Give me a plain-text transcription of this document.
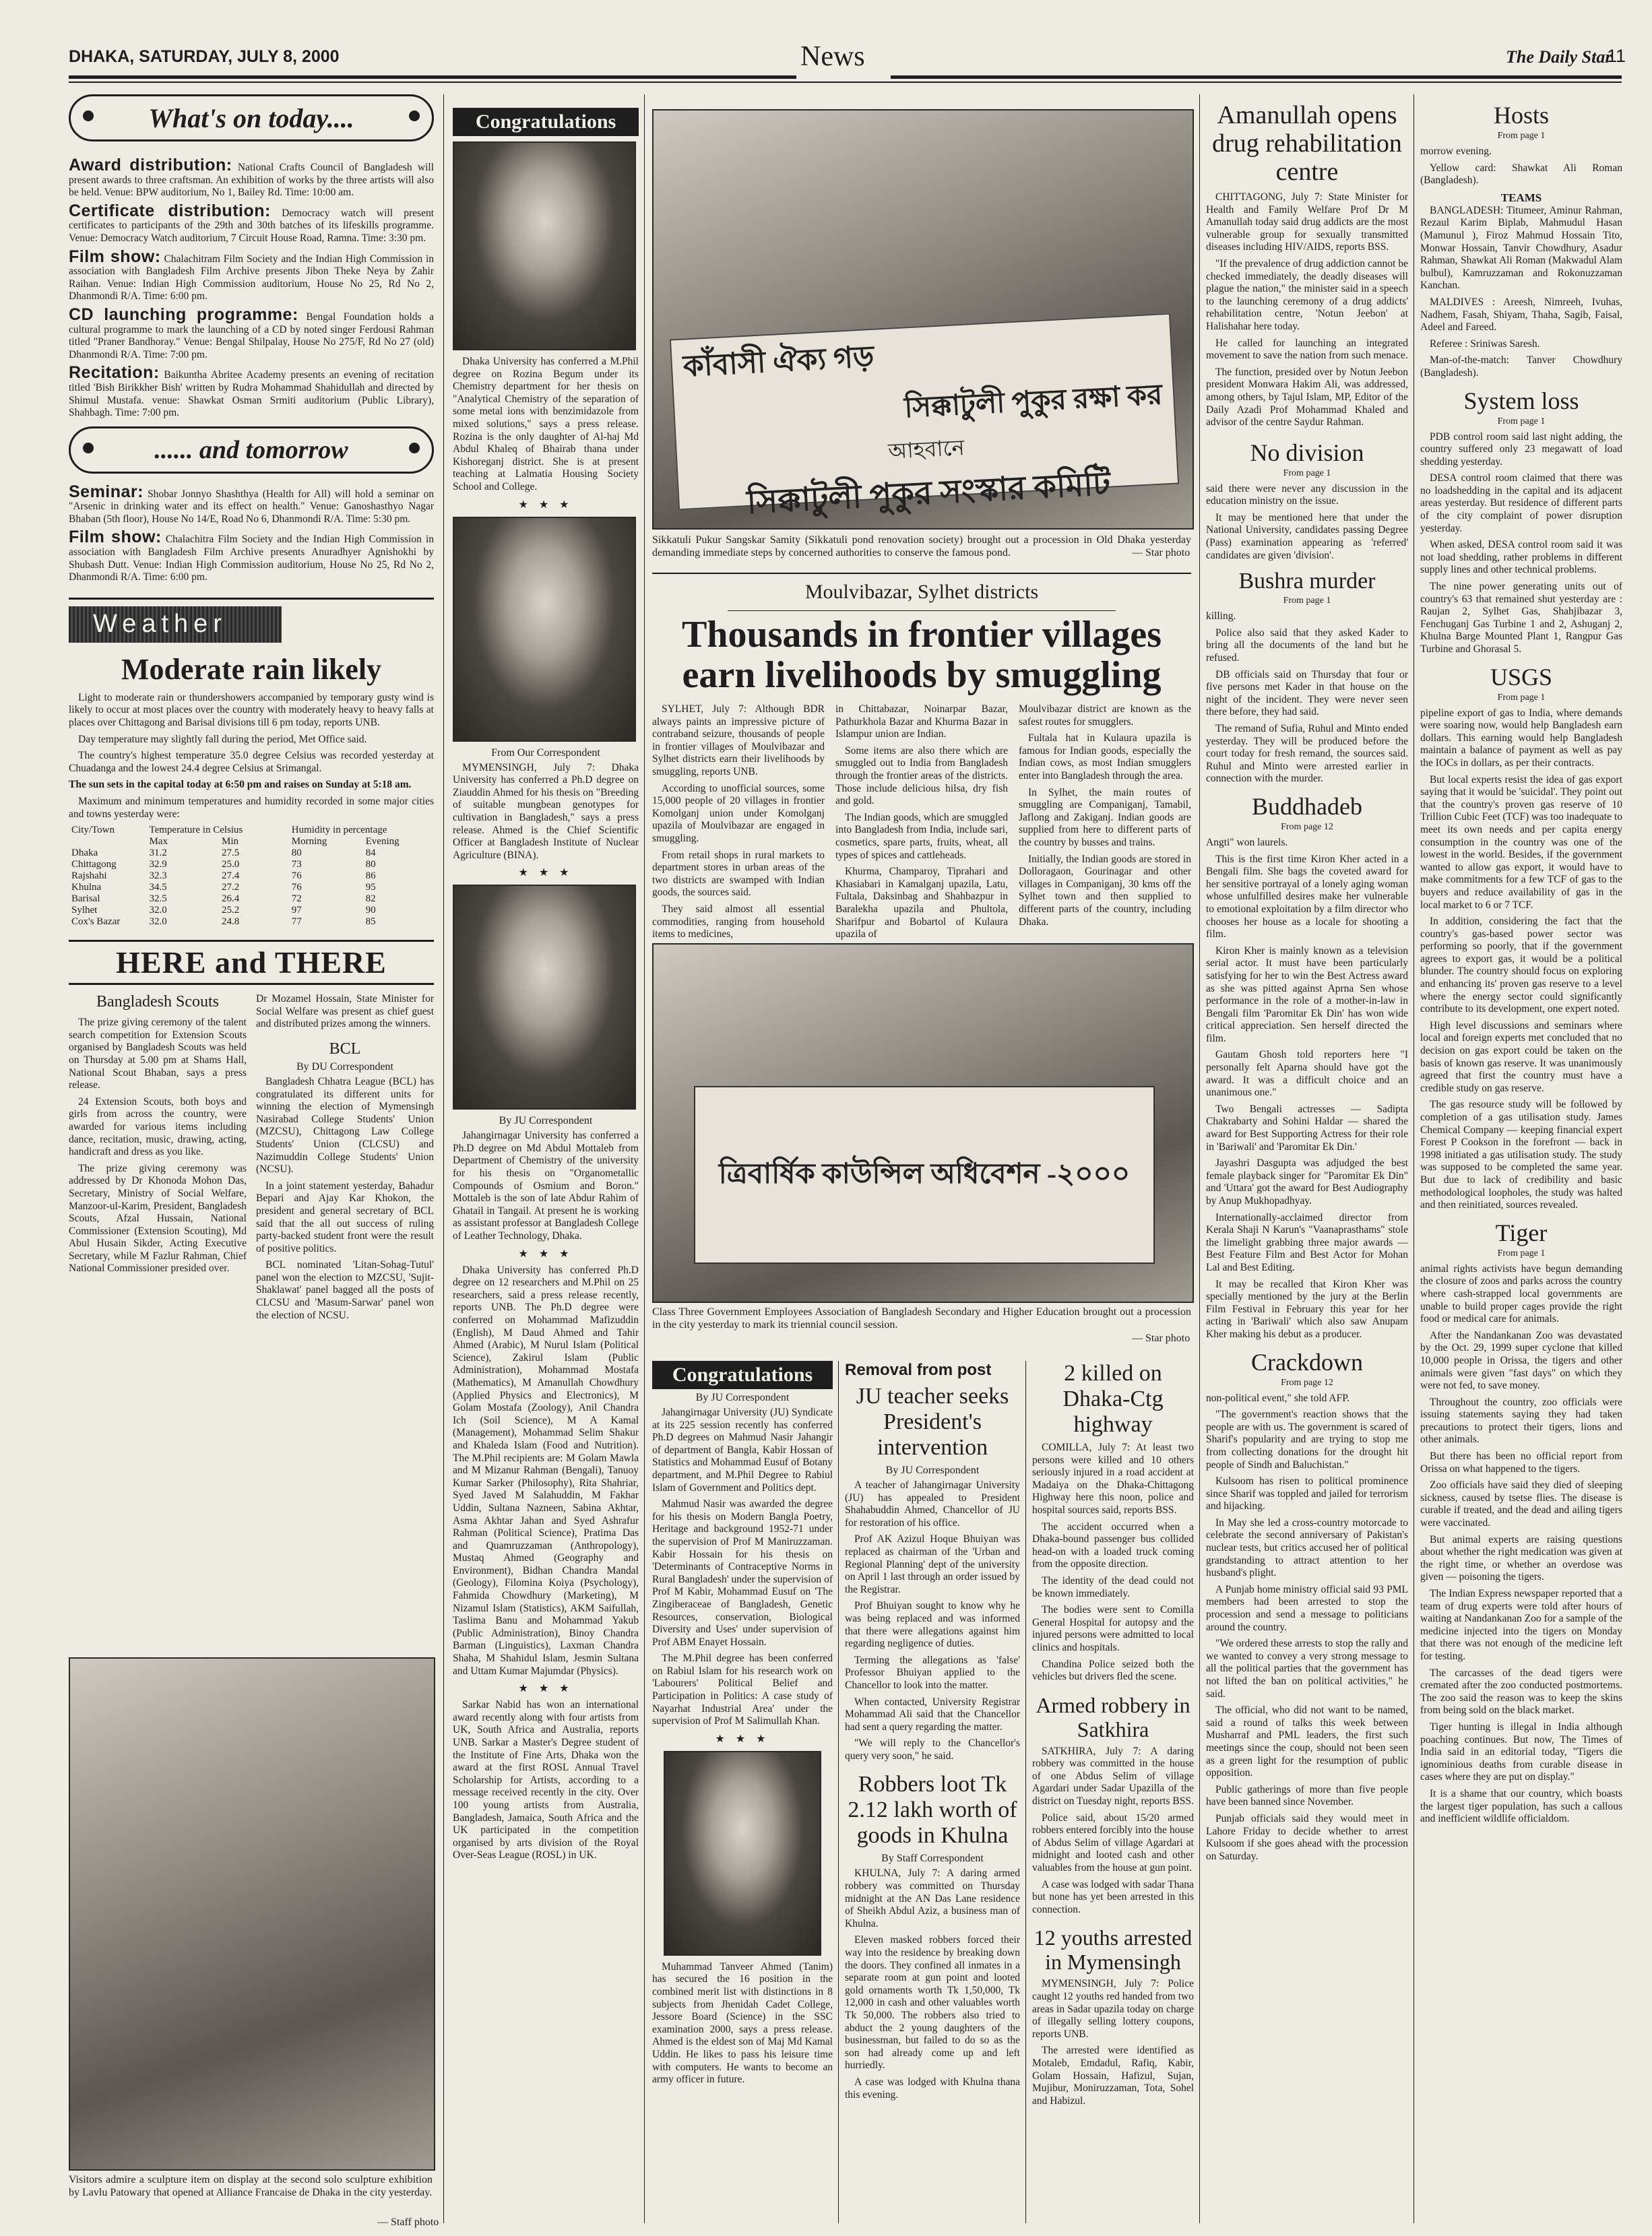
DHAKA, SATURDAY, JULY 8, 2000	News	The Daily Star
11
What's on today....

Award distribution: National Crafts Council of Bangladesh will present awards to three craftsman. An exhibition of works by the three artists will also be held. Venue: BPW auditorium, No 1, Bailey Rd. Time: 10:00 am.

Certificate distribution: Democracy watch will present certificates to participants of the 29th and 30th batches of its lifeskills programme. Venue: Democracy Watch auditorium, 7 Circuit House Road, Ramna. Time: 3:30 pm.

Film show: Chalachitram Film Society and the Indian High Commission in association with Bangladesh Film Archive presents Jibon Theke Neya by Zahir Raihan. Venue: Indian High Commission auditorium, House No 25, Rd No 2, Dhanmondi R/A. Time: 6:00 pm.

CD launching programme: Bengal Foundation holds a cultural programme to mark the launching of a CD by noted singer Ferdousi Rahman titled "Praner Bandhoray." Venue: Bengal Shilpalay, House No 275/F, Rd No 27 (old) Dhanmondi R/A. Time: 7:00 pm.

Recitation: Baikuntha Abritee Academy presents an evening of recitation titled 'Bish Birikkher Bish' written by Rudra Mohammad Shahidullah and directed by Shimul Mustafa. venue: Shawkat Osman Srmiti auditorium (Public Library), Shahbagh. Time: 7:00 pm.

...... and tomorrow

Seminar: Shobar Jonnyo Shashthya (Health for All) will hold a seminar on "Arsenic in drinking water and its effect on health." Venue: Ganoshasthyo Nagar Bhaban (5th floor), House No 14/E, Road No 6, Dhanmondi R/A. Time: 5:30 pm.

Film show: Chalachitra Film Society and the Indian High Commission in association with Bangladesh Film Archive presents Anuradhyer Agnishokhi by Shubash Dutt. Venue: Indian High Commission auditorium, House No 25, Rd No 2, Dhanmondi R/A. Time: 6:00 pm.

Weather
Moderate rain likely

Light to moderate rain or thundershowers accompanied by temporary gusty wind is likely to occur at most places over the country with moderately heavy to heavy falls at places over Chittagong and Barisal divisions till 6 pm today, reports UNB.

Day temperature may slightly fall during the period, Met Office said.

The country's highest temperature 35.0 degree Celsius was recorded yesterday at Chuadanga and the lowest 24.4 degree Celsius at Srimangal.

The sun sets in the capital today at 6:50 pm and raises on Sunday at 5:18 am.

Maximum and minimum temperatures and humidity recorded in some major cities and towns yesterday were:

City/Town	Temperature in Celsius		Humidity in percentage	
	Max	Min	Morning	Evening
Dhaka	31.2	27.5	80	84
Chittagong	32.9	25.0	73	80
Rajshahi	32.3	27.4	76	86
Khulna	34.5	27.2	76	95
Barisal	32.5	26.4	72	82
Sylhet	32.0	25.2	97	90
Cox's Bazar	32.0	24.8	77	85
HERE and THERE
Bangladesh Scouts

The prize giving ceremony of the talent search competition for Extension Scouts organised by Bangladesh Scouts was held on Thursday at 5.00 pm at Shams Hall, National Scout Bhaban, says a press release.

24 Extension Scouts, both boys and girls from across the country, were awarded for various items including dance, recitation, music, drawing, acting, handicraft and dress as you like.

The prize giving ceremony was addressed by Dr Khonoda Mohon Das, Secretary, Ministry of Social Welfare, Manzoor-ul-Karim, President, Bangladesh Scouts, Afzal Hussain, National Commissioner (Extension Scouting), Md Abul Husain Sikder, Acting Executive Secretary, while M Fazlur Rahman, Chief National Commissioner presided over.

Dr Mozamel Hossain, State Minister for Social Welfare was present as chief guest and distributed prizes among the winners.

BCL

By DU Correspondent

Bangladesh Chhatra League (BCL) has congratulated its different units for winning the election of Mymensingh Nasirabad College Students' Union (MZCSU), Chittagong Law College Students' Union (CLCSU) and Nazimuddin College Students' Union (NCSU).

In a joint statement yesterday, Bahadur Bepari and Ajay Kar Khokon, the president and general secretary of BCL said that the all out success of ruling party-backed student front were the result of positive politics.

BCL nominated 'Litan-Sohag-Tutul' panel won the election to MZCSU, 'Sujit-Shaklawat' panel bagged all the posts of CLCSU and 'Masum-Sarwar' panel won the election of NCSU.

Visitors admire a sculpture item on display at the second solo sculpture exhibition by Lavlu Patowary that opened at Alliance Francaise de Dhaka in the city yesterday.

— Staff photo
Congratulations

Dhaka University has conferred a M.Phil degree on Rozina Begum under its Chemistry department for her thesis on "Analytical Chemistry of the separation of some metal ions with benzimidazole from mixed solutions," says a press release. Rozina is the only daughter of Al-haj Md Abdul Khaleq of Bhairab thana under Kishoreganj district. She is at present teaching at Lalmatia Housing Society School and College.

★ ★ ★

From Our Correspondent

MYMENSINGH, July 7: Dhaka University has conferred a Ph.D degree on Ziauddin Ahmed for his thesis on "Breeding of suitable mungbean genotypes for cultivation in Bangladesh," says a press release. Ahmed is the Chief Scientific Officer at Bangladesh Institute of Nuclear Agriculture (BINA).

★ ★ ★

By JU Correspondent

Jahangirnagar University has conferred a Ph.D degree on Md Abdul Mottaleb from Department of Chemistry of the university for his thesis on "Organometallic Compounds of Osmium and Boron." Mottaleb is the son of late Abdur Rahim of Ghatail in Tangail. At present he is working as assistant professor at Bangladesh College of Leather Technology, Dhaka.

★ ★ ★

Dhaka University has conferred Ph.D degree on 12 researchers and M.Phil on 25 researchers, said a press release recently, reports UNB. The Ph.D degree were conferred on Mohammad Mafizuddin (English), M Daud Ahmed and Tahir Ahmed (Arabic), M Nurul Islam (Political Science), Zakirul Islam (Public Administration), Mohammad Mostafa (Mathematics), M Amanullah Chowdhury (Applied Physics and Electronics), M Golam Mostafa (Zoology), Anil Chandra Ich (Soil Science), M A Kamal (Management), Mohammad Selim Shakur and Khaleda Islam (Food and Nutrition). The M.Phil recipients are: M Golam Mawla and M Mizanur Rahman (Bengali), Tanuoy Kumar Sarker (Philosophy), Rita Shahriar, Syed Javed M Salahuddin, M Fakhar Uddin, Sultana Nazneen, Sabina Akhtar, Asma Akhtar Jahan and Syed Ashrafur Rahman (Political Science), Pratima Das and Quamruzzaman (Anthropology), Mustaq Ahmed (Geography and Environment), Bidhan Chandra Mandal (Geology), Filomina Koiya (Psychology), Fahmida Chowdhury (Marketing), M Nizamul Islam (Statistics), AKM Saifullah, Taslima Banu and Mohammad Yakub (Public Administration), Binoy Chandra Barman (Linguistics), Laxman Chandra Shaha, M Shahidul Islam, Jesmin Sultana and Uttam Kumar Majumdar (Physics).

★ ★ ★

Sarkar Nabid has won an international award recently along with four artists from UK, South Africa and Australia, reports UNB. Sarkar a Master's Degree student of the Institute of Fine Arts, Dhaka won the award at the first ROSL Annual Travel Scholarship for Artists, according to a message received recently in the city. Over 100 young artists from Australia, Bangladesh, Jamaica, South Africa and the UK participated in the competition organised by arts division of the Royal Over-Seas League (ROSL) in UK.

কাঁবাসী ঐক্য গড়
সিক্কাটুলী পুকুর রক্ষা কর
আহবানে
সিক্কাটুলী পুকুর সংস্কার কমিটি

Sikkatuli Pukur Sangskar Samity (Sikkatuli pond renovation society) brought out a procession in Old Dhaka yesterday demanding immediate steps by concerned authorities to conserve the famous pond.	— Star photo
Moulvibazar, Sylhet districts
Thousands in frontier villages earn livelihoods by smuggling

SYLHET, July 7: Although BDR always paints an impressive picture of contraband seizure, thousands of people in frontier villages of Moulvibazar and Sylhet districts earn their livelihoods by smuggling, reports UNB.

According to unofficial sources, some 15,000 people of 20 villages in frontier Komolganj union under Komolganj upazila of Moulvibazar are engaged in smuggling.

From retail shops in rural markets to department stores in urban areas of the two districts are swamped with Indian goods, the sources said.

They said almost all essential commodities, ranging from household items to medicines,

in Chittabazar, Noinarpar Bazar, Pathurkhola Bazar and Khurma Bazar in Islampur union are Indian.

Some items are also there which are smuggled out to India from Bangladesh through the frontier areas of the districts. Those include delicious hilsa, dry fish and gold.

The Indian goods, which are smuggled into Bangladesh from India, include sari, cosmetics, spare parts, fruits, wheat, all types of spices and cattleheads.

Khurma, Champaroy, Tiprahari and Khasiabari in Kamalganj upazila, Latu, Fultala, Daksinbag and Shahbazpur in Baralekha upazila and Phultola, Sharifpur and Bobartol of Kulaura upazila of

Moulvibazar district are known as the safest routes for smugglers.

Fultala hat in Kulaura upazila is famous for Indian goods, especially the Indian cows, as most Indian smugglers enter into Bangladesh through the area.

In Sylhet, the main routes of smuggling are Companiganj, Tamabil, Jaflong and Zakiganj. Indian goods are supplied from here to different parts of the country by busses and trains.

Initially, the Indian goods are stored in Dolloragaon, Gourinagar and other villages in Companiganj, 30 kms off the Sylhet town and then supplied to different parts of the country, including Dhaka.

ত্রিবার্ষিক কাউন্সিল অধিবেশন -২০০০

Class Three Government Employees Association of Bangladesh Secondary and Higher Education brought out a procession in the city yesterday to mark its triennial council session.

— Star photo
Congratulations

By JU Correspondent

Jahangirnagar University (JU) Syndicate at its 225 session recently has conferred Ph.D degrees on Mahmud Nasir Jahangir of department of Bangla, Kabir Hossan of Statistics and Mohammad Eusuf of Botany department, and M.Phil Degree to Rabiul Islam of Government and Politics dept.

Mahmud Nasir was awarded the degree for his thesis on Modern Bangla Poetry, Heritage and background 1952-71 under the supervision of Prof M Maniruzzaman. Kabir Hossain for his thesis on 'Determinants of Contraceptive Norms in Rural Bangladesh' under the supervision of Prof M Kabir, Mohammad Eusuf on 'The Zingiberaceae of Bangladesh, Genetic Resources, conservation, Biological Diversity and Uses' under supervision of Prof ABM Enayet Hossain.

The M.Phil degree has been conferred on Rabiul Islam for his research work on 'Labourers' Political Belief and Participation in Politics: A case study of Nayarhat Industrial Area' under the supervision of Prof M Salimullah Khan.

★ ★ ★

Muhammad Tanveer Ahmed (Tanim) has secured the 16 position in the combined merit list with distinctions in 8 subjects from Jhenidah Cadet College, Jessore Board (Science) in the SSC examination 2000, says a press release. Ahmed is the eldest son of Maj Md Kamal Uddin. He likes to pass his leisure time with computers. He wants to become an army officer in future.

Removal from post
JU teacher seeks President's intervention

By JU Correspondent

A teacher of Jahangirnagar University (JU) has appealed to President Shahabuddin Ahmed, Chancellor of JU for restoration of his office.

Prof AK Azizul Hoque Bhuiyan was replaced as chairman of the 'Urban and Regional Planning' dept of the university on April 1 last through an order issued by the Registrar.

Prof Bhuiyan sought to know why he was being replaced and was informed that there were allegations against him regarding negligence of duties.

Terming the allegations as 'false' Professor Bhuiyan applied to the Chancellor to look into the matter.

When contacted, University Registrar Mohammad Ali said that the Chancellor had sent a query regarding the matter.

"We will reply to the Chancellor's query very soon," he said.

Robbers loot Tk 2.12 lakh worth of goods in Khulna

By Staff Correspondent

KHULNA, July 7: A daring armed robbery was committed on Thursday midnight at the AN Das Lane residence of Sheikh Abdul Aziz, a business man of Khulna.

Eleven masked robbers forced their way into the residence by breaking down the doors. They confined all inmates in a separate room at gun point and looted gold ornaments worth Tk 1,50,000, Tk 12,000 in cash and other valuables worth Tk 50,000. The robbers also tried to abduct the 2 young daughters of the businessman, but failed to do so as the son had already come up and left hurriedly.

A case was lodged with Khulna thana this evening.

2 killed on Dhaka-Ctg highway

COMILLA, July 7: At least two persons were killed and 10 others seriously injured in a road accident at Madaiya on the Dhaka-Chittagong Highway here this noon, police and hospital sources said, reports BSS.

The accident occurred when a Dhaka-bound passenger bus collided head-on with a loaded truck coming from the opposite direction.

The identity of the dead could not be known immediately.

The bodies were sent to Comilla General Hospital for autopsy and the injured persons were admitted to local clinics and hospitals.

Chandina Police seized both the vehicles but drivers fled the scene.

Armed robbery in Satkhira

SATKHIRA, July 7: A daring robbery was committed in the house of one Abdus Selim of village Agardari under Sadar Upazilla of the district on Tuesday night, reports BSS.

Police said, about 15/20 armed robbers entered forcibly into the house of Abdus Selim of village Agardari at midnight and looted cash and other valuables from the house at gun point.

A case was lodged with sadar Thana but none has yet been arrested in this connection.

12 youths arrested in Mymensingh

MYMENSINGH, July 7: Police caught 12 youths red handed from two areas in Sadar upazila today on charge of illegally selling lottery coupons, reports UNB.

The arrested were identified as Motaleb, Emdadul, Rafiq, Kabir, Golam Hossain, Hafizul, Sujan, Mujibur, Moniruzzaman, Tota, Sohel and Habizul.

Amanullah opens drug rehabilitation centre

CHITTAGONG, July 7: State Minister for Health and Family Welfare Prof Dr M Amanullah today said drug addicts are the most vulnerable group for sexually transmitted diseases including HIV/AIDS, reports BSS.

"If the prevalence of drug addiction cannot be checked immediately, the deadly diseases will plague the nation," the minister said in a speech to the launching ceremony of a drug addicts' rehabilitation centre, 'Notun Jeebon' at Halishahar here today.

He called for launching an integrated movement to save the nation from such menace.

The function, presided over by Notun Jeebon president Monwara Hakim Ali, was addressed, among others, by Tajul Islam, MP, Editor of the Daily Azadi Prof Mohammad Khaled and advisor of the centre Saydur Rahman.

No division

From page 1

said there were never any discussion in the education ministry on the issue.

It may be mentioned here that under the National University, candidates passing Degree (Pass) examination appearing as 'referred' candidates are given 'division'.

Bushra murder

From page 1

killing.

Police also said that they asked Kader to bring all the documents of the land but he refused.

DB officials said on Thursday that four or five persons met Kader in that house on the night of the incident. They were never seen there before, they had said.

The remand of Sufia, Ruhul and Minto ended yesterday. They will be produced before the court today for fresh remand, the sources said. Ruhul and Minto were arrested earlier in connection with the murder.

Buddhadeb

From page 12

Angti" won laurels.

This is the first time Kiron Kher acted in a Bengali film. She bags the coveted award for her sensitive portrayal of a lonely aging woman whose unfulfilled desires make her vulnerable to emotional exploitation by a film director who chooses her house as a locale for shooting a film.

Kiron Kher is mainly known as a television serial actor. It must have been particularly satisfying for her to win the Best Actress award as she was pitted against Aprna Sen whose performance in the role of a mother-in-law in Bengali film 'Paromitar Ek Din' has won wide critical appreciation. Sen herself directed the film.

Gautam Ghosh told reporters here "I personally felt Aparna should have got the award. It was a difficult choice and an unanimous one."

Two Bengali actresses — Sadipta Chakrabarty and Sohini Haldar — shared the award for Best Supporting Actress for their role in 'Bariwali' and 'Paromitar Ek Din.'

Jayashri Dasgupta was adjudged the best female playback singer for "Paromitar Ek Din" and 'Uttara' got the award for Best Audiography by Anup Mukhopadhyay.

Internationally-acclaimed director from Kerala Shaji N Karun's "Vaanaprasthams" stole the limelight grabbing three major awards — Best Feature Film and Best Actor for Mohan Lal and Best Editing.

It may be recalled that Kiron Kher was specially mentioned by the jury at the Berlin Film Festival in February this year for her acting in 'Bariwali' which also saw Anupam Kher making his debut as a producer.

Crackdown

From page 12

non-political event," she told AFP.

"The government's reaction shows that the people are with us. The government is scared of Sharif's popularity and are trying to stop me from collecting donations for the drought hit people of Sindh and Baluchistan."

Kulsoom has risen to political prominence since Sharif was toppled and jailed for terrorism and hijacking.

In May she led a cross-country motorcade to celebrate the second anniversary of Pakistan's nuclear tests, but critics accused her of political grandstanding to attract attention to her husband's plight.

A Punjab home ministry official said 93 PML members had been arrested to stop the procession and send a message to politicians around the country.

"We ordered these arrests to stop the rally and we wanted to convey a very strong message to all the political parties that the government has not lifted the ban on political activities," he said.

The official, who did not want to be named, said a round of talks this week between Musharraf and PML leaders, the first such meetings since the coup, should not been seen as a green light for the resumption of public opposition.

Public gatherings of more than five people have been banned since November.

Punjab officials said they would meet in Lahore Friday to decide whether to arrest Kulsoom if she goes ahead with the procession on Saturday.

Hosts

From page 1

morrow evening.

Yellow card: Shawkat Ali Roman (Bangladesh).

TEAMS

BANGLADESH: Titumeer, Aminur Rahman, Rezaul Karim Biplab, Mahmudul Hasan (Mamunul ), Firoz Mahmud Hossain Tito, Monwar Hossain, Tanvir Chowdhury, Asadur Rahman, Shawkat Ali Roman (Makwadul Alam bulbul), Kamruzzaman and Rokonuzzaman Kanchan.

MALDIVES : Areesh, Nimreeh, Ivuhas, Nadhem, Fasah, Shiyam, Thaha, Sagib, Faisal, Adeel and Fareed.

Referee : Sriniwas Saresh.

Man-of-the-match: Tanver Chowdhury (Bangladesh).

System loss

From page 1

PDB control room said last night adding, the country suffered only 23 megawatt of load shedding yesterday.

DESA control room claimed that there was no loadshedding in the capital and its adjacent areas yesterday. But residence of different parts of the city complaint of power disruption yesterday.

When asked, DESA control room said it was not load shedding, rather problems in different supply lines and other technical problems.

The nine power generating units out of country's 63 that remained shut yesterday are : Raujan 2, Sylhet Gas, Shahjibazar 3, Fenchuganj Gas Turbine 1 and 2, Ashuganj 2, Khulna Barge Mounted Plant 1, Rangpur Gas Turbine and Ghorasal 5.

USGS

From page 1

pipeline export of gas to India, where demands were soaring now, would help Bangladesh earn dollars. This earning would help Bangladesh maintain a balance of payment as well as pay the IOCs in dollars, as per their contracts.

But local experts resist the idea of gas export saying that it would be 'suicidal'. They point out that the country's proven gas reserve of 10 Trillion Cubic Feet (TCF) was too inadequate to meet its own needs and per capita energy consumption in the country was one of the lowest in the world. Besides, if the government wanted to allow gas export, it would have to make commitments for a few TCF of gas to the buyers and reduce availability of gas in the local market to 6 or 7 TCF.

In addition, considering the fact that the country's gas-based power sector was performing so poorly, that if the government agrees to export gas, it would be a political blunder. The country should focus on exploring and enhancing its' proven gas reserve to a level where the energy sector could significantly contribute to its development, one expert noted.

High level discussions and seminars where local and foreign experts met concluded that no decision on gas export could be taken on the basis of known gas reserve. It was unanimously agreed that first the country must have a credible study on gas reserve.

The gas resource study will be followed by completion of a gas utilisation study. James Chemical Company — keeping financial expert Forest P Cookson in the forefront — back in 1998 initiated a gas utilisation study. The study was supposed to be completed the same year. But due to lack of credibility and basic methodological loopholes, the study was halted and then reinitiated, sources revealed.

Tiger

From page 1

animal rights activists have begun demanding the closure of zoos and parks across the country where cash-strapped local governments are unable to build proper cages provide the right food or medical care for animals.

After the Nandankanan Zoo was devastated by the Oct. 29, 1999 super cyclone that killed 10,000 people in Orissa, the tigers and other animals were given "fast days" on which they were not fed, to save money.

Throughout the country, zoo officials were issuing statements saying they had taken precautions to protect their tigers, lions and other animals.

But there has been no official report from Orissa on what happened to the tigers.

Zoo officials have said they died of sleeping sickness, caused by tsetse flies. The disease is curable if treated, and the dead and ailing tigers were vaccinated.

But animal experts are raising questions about whether the right medication was given at the right time, or whether an overdose was given — poisoning the tigers.

The Indian Express newspaper reported that a team of drug experts were told after hours of waiting at Nandankanan Zoo for a sample of the medicine injected into the tigers on Monday that there was not enough of the medicine left for testing.

The carcasses of the dead tigers were cremated after the zoo conducted postmortems. The zoo said the reason was to keep the skins from being sold on the black market.

Tiger hunting is illegal in India although poaching continues. But now, The Times of India said in an editorial today, "Tigers die ignominious deaths from curable disease in cases where they are put on display."

It is a shame that our country, which boasts the largest tiger population, has such a callous and inefficient wildlife officialdom.
